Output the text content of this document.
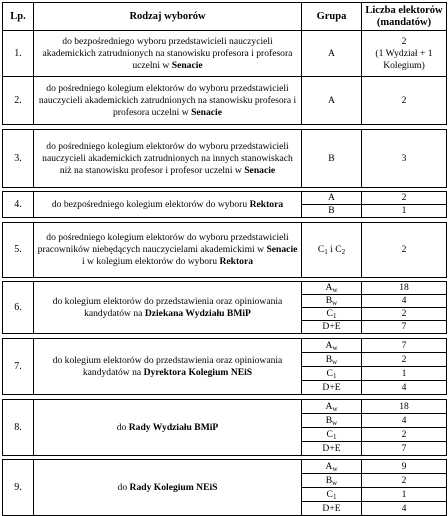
Lp.	Rodzaj wyborów	Grupa	Liczba elektorów (mandatów)
1.	do bezpośredniego wyboru przedstawicieli nauczycieli akademickich zatrudnionych na stanowisku profesora i profesora uczelni w Senacie	A	2
(1 Wydział + 1 Kolegium)
2.	do pośredniego kolegium elektorów do wyboru przedstawicieli nauczycieli akademickich zatrudnionych na stanowisku profesora i profesora uczelni w Senacie	A	2

3.	do pośredniego kolegium elektorów do wyboru przedstawicieli nauczycieli akademickich zatrudnionych na innych stanowiskach niż na stanowisku profesor i profesor uczelni w Senacie	B	3

4.	do bezpośredniego kolegium elektorów do wyboru Rektora	A	2
		B	1

5.	do pośredniego kolegium elektorów do wyboru przedstawicieli pracowników niebędących nauczycielami akademickimi w Senacie i w kolegium elektorów do wyboru Rektora	$C_1$ i $C_2$	2

6.	do kolegium elektorów do przedstawienia oraz opiniowania kandydatów na Dziekana Wydziału BMiP	$A_w$	18
		$B_w$	4
		$C_1$	2
		D+E	7

7.	do kolegium elektorów do przedstawienia oraz opiniowania kandydatów na Dyrektora Kolegium NEiS	$A_w$	7
		$B_w$	2
		$C_1$	1
		D+E	4

8.	do Rady Wydziału BMiP	$A_w$	18
		$B_w$	4
		$C_1$	2
		D+E	7

9.	do Rady Kolegium NEiS	$A_w$	9
		$B_w$	2
		$C_1$	1
		D+E	4
